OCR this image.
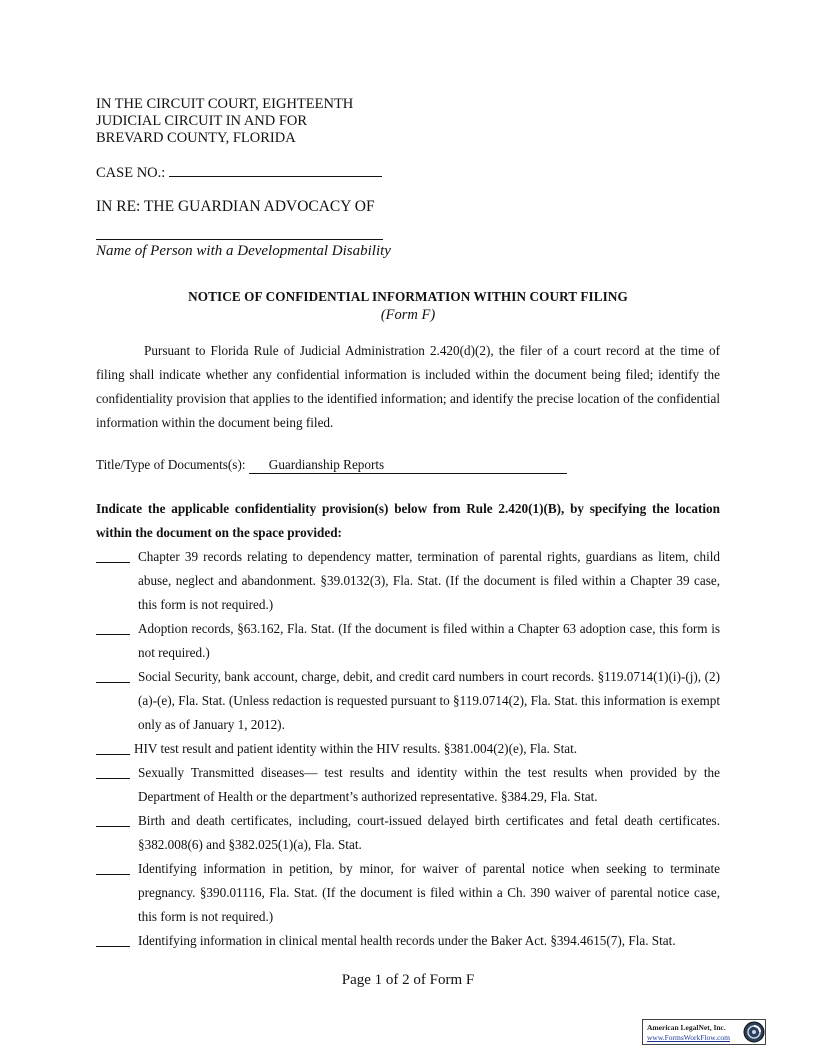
IN THE CIRCUIT COURT, EIGHTEENTH
JUDICIAL CIRCUIT IN AND FOR
BREVARD COUNTY, FLORIDA
CASE NO.:
IN RE: THE GUARDIAN ADVOCACY OF
Name of Person with a Developmental Disability
NOTICE OF CONFIDENTIAL INFORMATION WITHIN COURT FILING
(Form F)
Pursuant to Florida Rule of Judicial Administration 2.420(d)(2), the filer of a court record at the time of filing shall indicate whether any confidential information is included within the document being filed; identify the confidentiality provision that applies to the identified information; and identify the precise location of the confidential information within the document being filed.
Title/Type of Documents(s): Guardianship Reports
Indicate the applicable confidentiality provision(s) below from Rule 2.420(1)(B), by specifying the location within the document on the space provided:
Chapter 39 records relating to dependency matter, termination of parental rights, guardians as litem, child abuse, neglect and abandonment. §39.0132(3), Fla. Stat. (If the document is filed within a Chapter 39 case, this form is not required.)
Adoption records, §63.162, Fla. Stat. (If the document is filed within a Chapter 63 adoption case, this form is not required.)
Social Security, bank account, charge, debit, and credit card numbers in court records. §119.0714(1)(i)-(j), (2)(a)-(e), Fla. Stat. (Unless redaction is requested pursuant to §119.0714(2), Fla. Stat. this information is exempt only as of January 1, 2012).
HIV test result and patient identity within the HIV results. §381.004(2)(e), Fla. Stat.
Sexually Transmitted diseases— test results and identity within the test results when provided by the Department of Health or the department’s authorized representative. §384.29, Fla. Stat.
Birth and death certificates, including, court-issued delayed birth certificates and fetal death certificates. §382.008(6) and §382.025(1)(a), Fla. Stat.
Identifying information in petition, by minor, for waiver of parental notice when seeking to terminate pregnancy. §390.01116, Fla. Stat. (If the document is filed within a Ch. 390 waiver of parental notice case, this form is not required.)
Identifying information in clinical mental health records under the Baker Act. §394.4615(7), Fla. Stat.
Page 1 of 2 of Form F
American LegalNet, Inc.
www.FormsWorkFlow.com
